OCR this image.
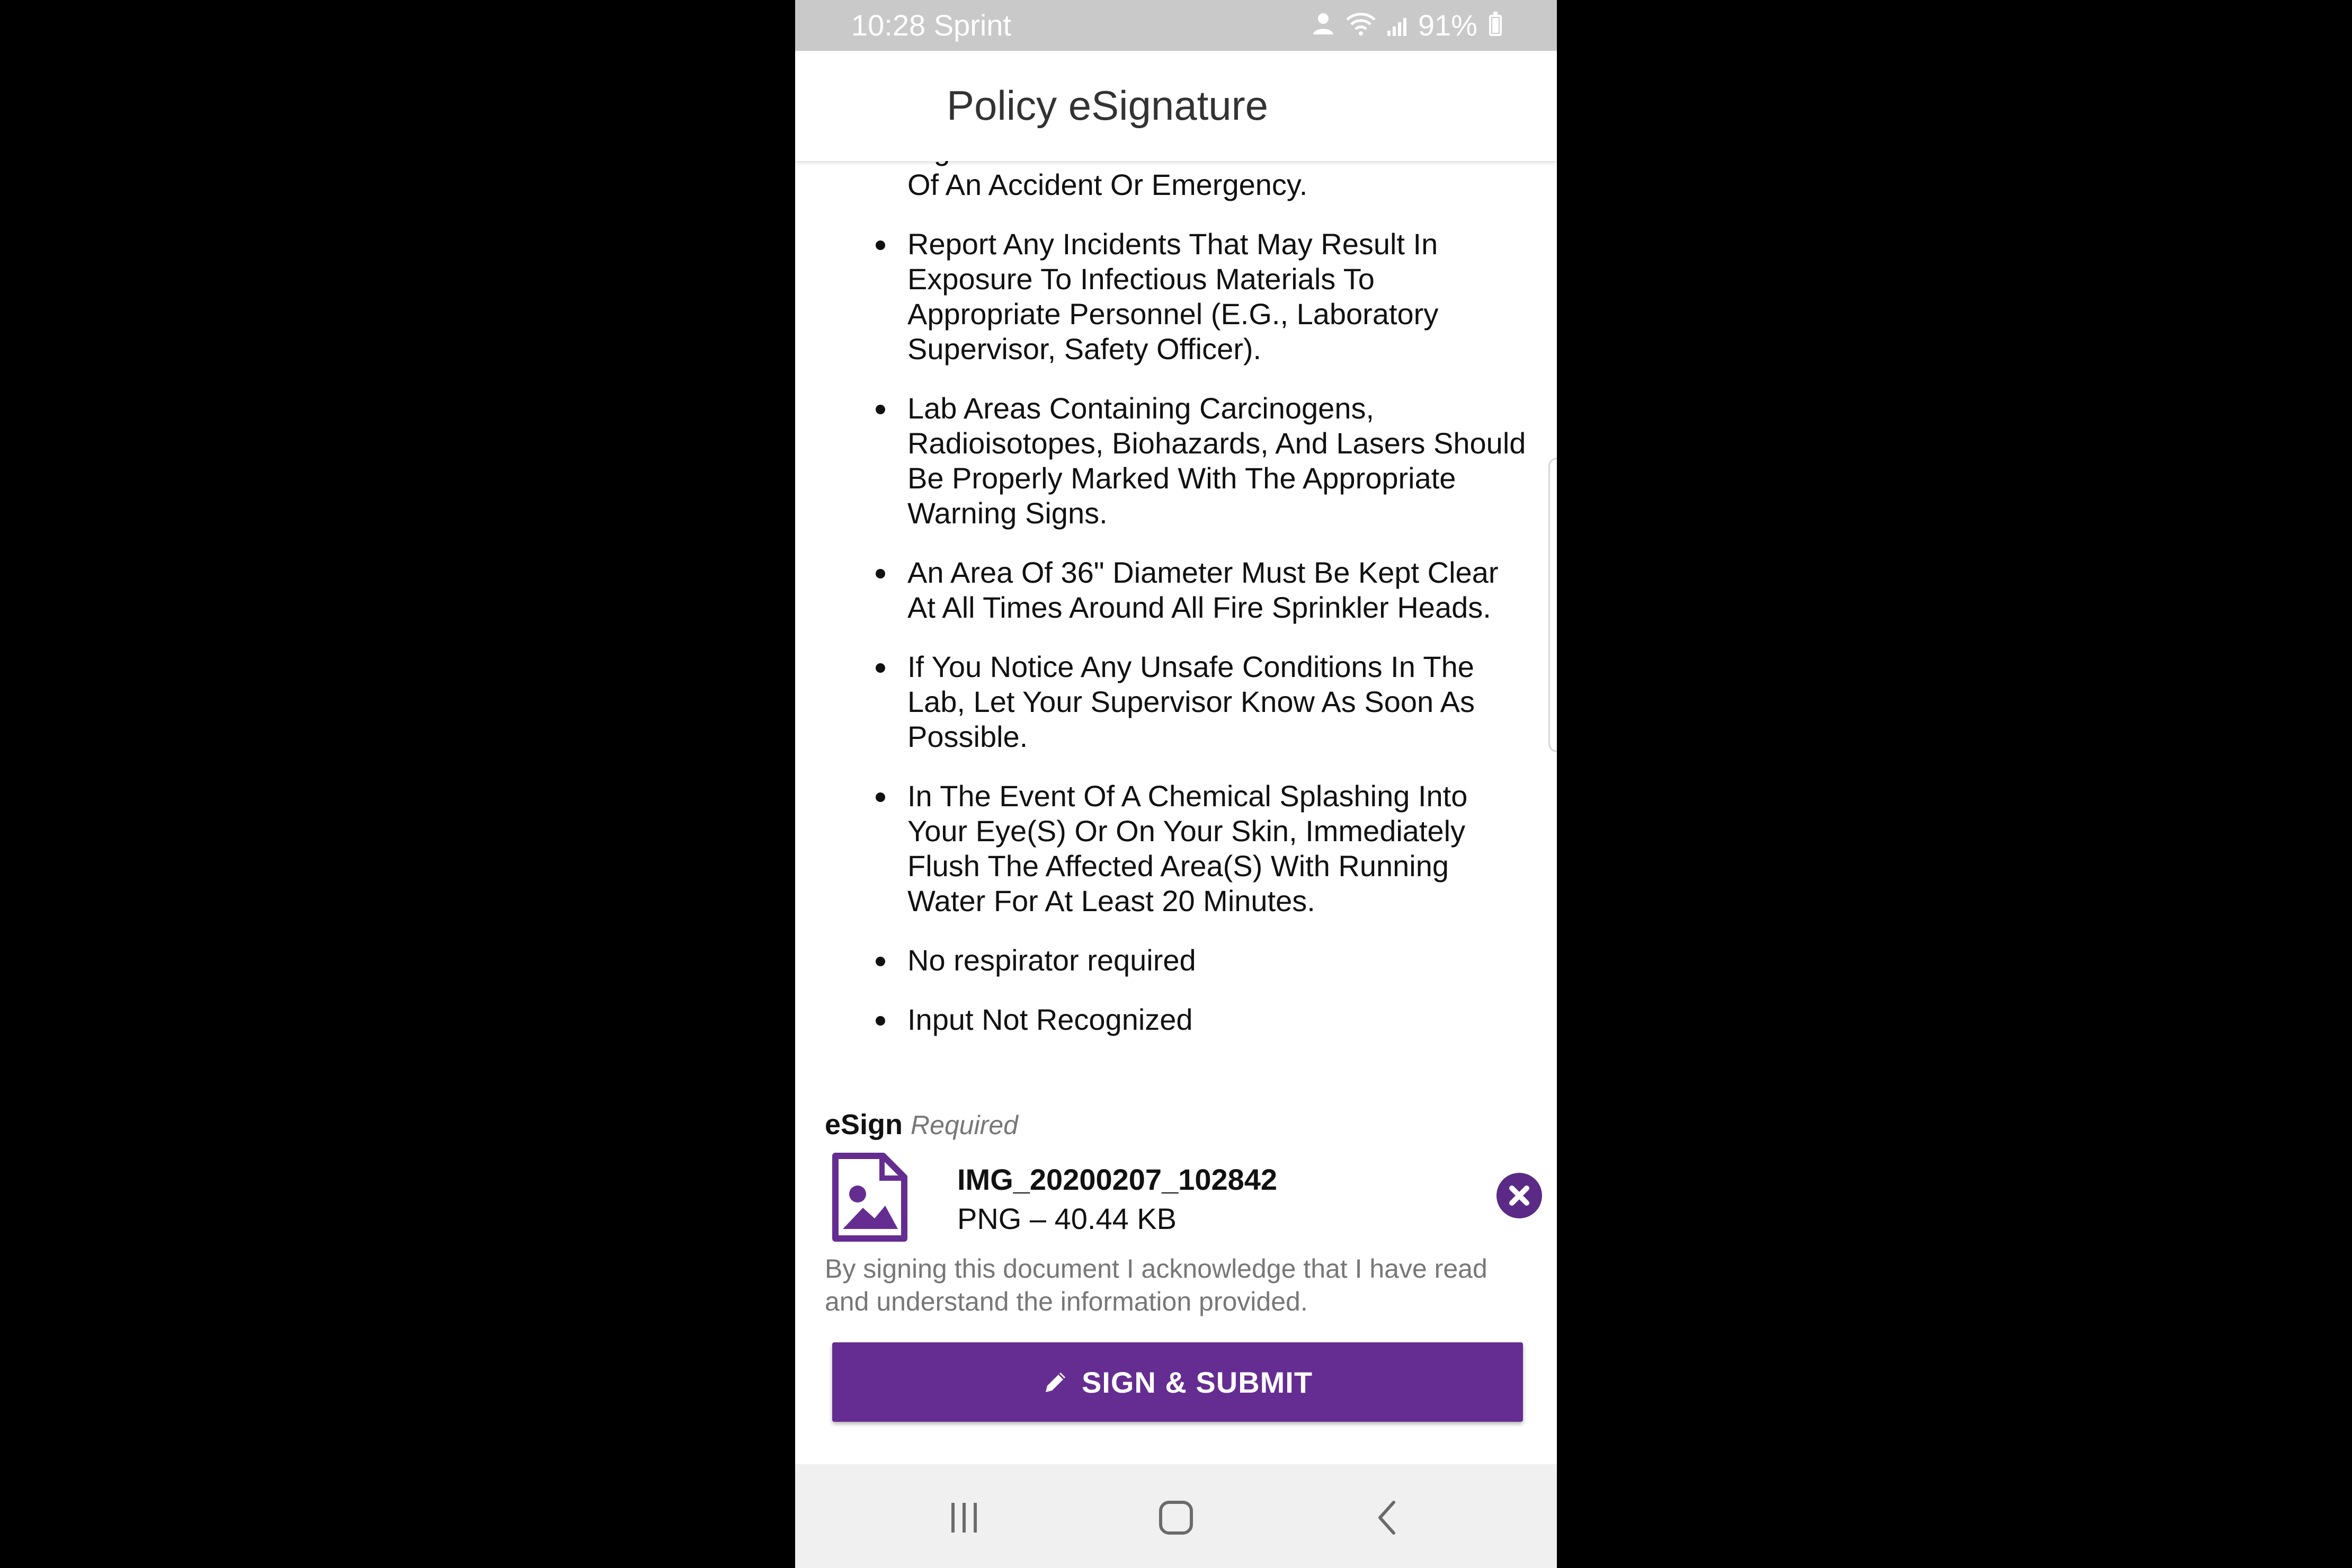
10:28 Sprint	91%
Policy eSignature
Of An Accident Or Emergency.
Report Any Incidents That May Result In Exposure To Infectious Materials To Appropriate Personnel (E.G., Laboratory Supervisor, Safety Officer).
Lab Areas Containing Carcinogens, Radioisotopes, Biohazards, And Lasers Should Be Properly Marked With The Appropriate Warning Signs.
An Area Of 36" Diameter Must Be Kept Clear At All Times Around All Fire Sprinkler Heads.
If You Notice Any Unsafe Conditions In The Lab, Let Your Supervisor Know As Soon As Possible.
In The Event Of A Chemical Splashing Into Your Eye(S) Or On Your Skin, Immediately Flush The Affected Area(S) With Running Water For At Least 20 Minutes.
No respirator required
Input Not Recognized
eSign Required
IMG_20200207_102842
PNG – 40.44 KB
By signing this document I acknowledge that I have read and understand the information provided.
SIGN & SUBMIT
